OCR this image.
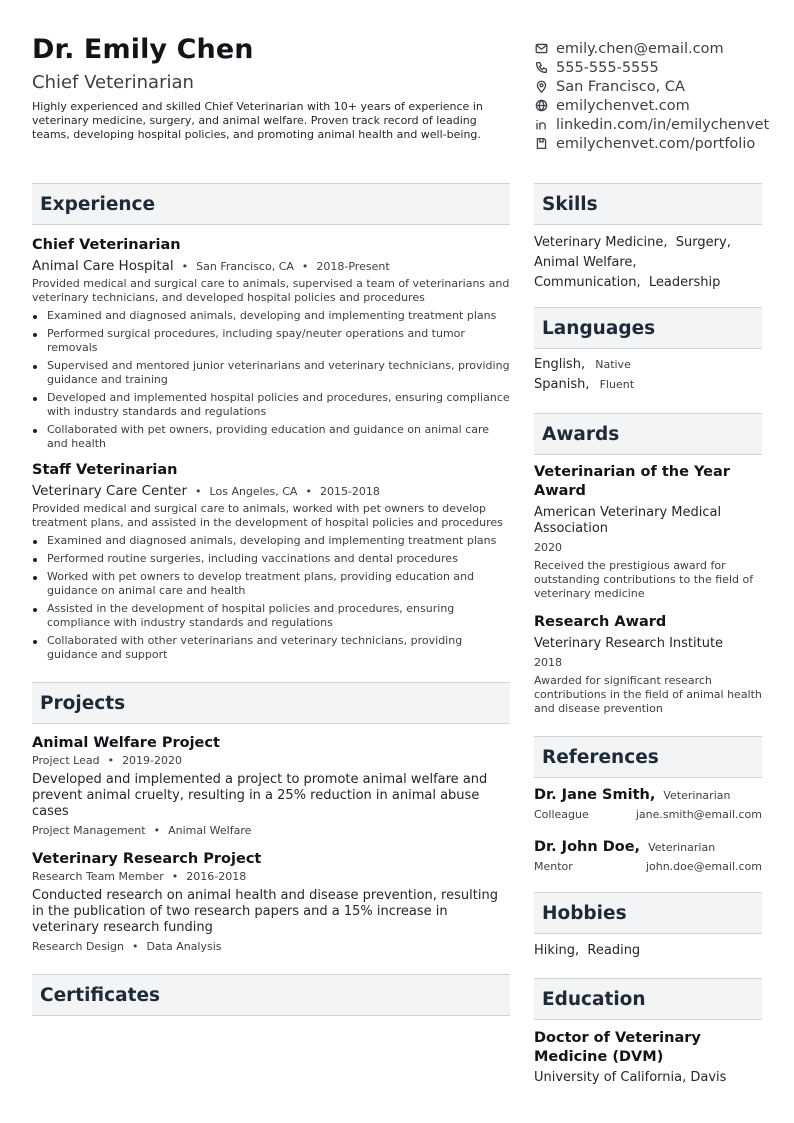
Dr. Emily Chen
Chief Veterinarian
Highly experienced and skilled Chief Veterinarian with 10+ years of experience in veterinary medicine, surgery, and animal welfare. Proven track record of leading teams, developing hospital policies, and promoting animal health and well-being.
emily.chen@email.com
555-555-5555
San Francisco, CA
emilychenvet.com
linkedin.com/in/emilychenvet
emilychenvet.com/portfolio
Experience
Chief Veterinarian
Animal Care Hospital • San Francisco, CA • 2018-Present
Provided medical and surgical care to animals, supervised a team of veterinarians and veterinary technicians, and developed hospital policies and procedures
Examined and diagnosed animals, developing and implementing treatment plans
Performed surgical procedures, including spay/neuter operations and tumor removals
Supervised and mentored junior veterinarians and veterinary technicians, providing guidance and training
Developed and implemented hospital policies and procedures, ensuring compliance with industry standards and regulations
Collaborated with pet owners, providing education and guidance on animal care and health
Staff Veterinarian
Veterinary Care Center • Los Angeles, CA • 2015-2018
Provided medical and surgical care to animals, worked with pet owners to develop treatment plans, and assisted in the development of hospital policies and procedures
Examined and diagnosed animals, developing and implementing treatment plans
Performed routine surgeries, including vaccinations and dental procedures
Worked with pet owners to develop treatment plans, providing education and guidance on animal care and health
Assisted in the development of hospital policies and procedures, ensuring compliance with industry standards and regulations
Collaborated with other veterinarians and veterinary technicians, providing guidance and support
Projects
Animal Welfare Project
Project Lead • 2019-2020
Developed and implemented a project to promote animal welfare and prevent animal cruelty, resulting in a 25% reduction in animal abuse cases
Project Management • Animal Welfare
Veterinary Research Project
Research Team Member • 2016-2018
Conducted research on animal health and disease prevention, resulting in the publication of two research papers and a 15% increase in veterinary research funding
Research Design • Data Analysis
Certificates
Skills
Veterinary Medicine, Surgery,
Animal Welfare,
Communication, Leadership
Languages
English, Native
Spanish, Fluent
Awards
Veterinarian of the Year Award
American Veterinary Medical Association
2020
Received the prestigious award for outstanding contributions to the field of veterinary medicine
Research Award
Veterinary Research Institute
2018
Awarded for significant research contributions in the field of animal health and disease prevention
References
Dr. Jane Smith, Veterinarian
Colleague	jane.smith@email.com
Dr. John Doe, Veterinarian
Mentor	john.doe@email.com
Hobbies
Hiking,  Reading
Education
Doctor of Veterinary Medicine (DVM)
University of California, Davis
